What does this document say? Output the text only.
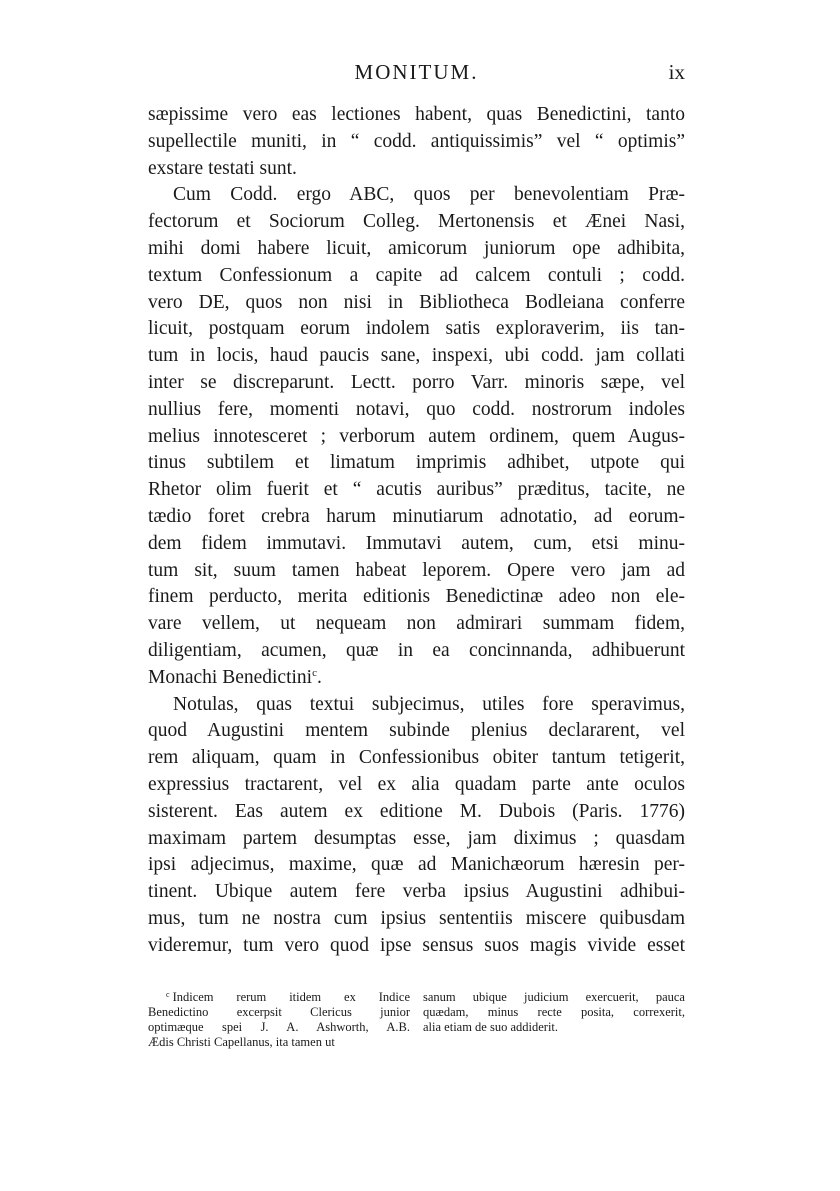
MONITUM.	ix
sæpissime vero eas lectiones habent, quas Benedictini, tanto
supellectile muniti, in “ codd. antiquissimis” vel “ optimis”
exstare testati sunt.
Cum Codd. ergo ABC, quos per benevolentiam Præ-
fectorum et Sociorum Colleg. Mertonensis et Ænei Nasi,
mihi domi habere licuit, amicorum juniorum ope adhibita,
textum Confessionum a capite ad calcem contuli ; codd.
vero DE, quos non nisi in Bibliotheca Bodleiana conferre
licuit, postquam eorum indolem satis exploraverim, iis tan-
tum in locis, haud paucis sane, inspexi, ubi codd. jam collati
inter se discreparunt. Lectt. porro Varr. minoris sæpe, vel
nullius fere, momenti notavi, quo codd. nostrorum indoles
melius innotesceret ; verborum autem ordinem, quem Augus-
tinus subtilem et limatum imprimis adhibet, utpote qui
Rhetor olim fuerit et “ acutis auribus” præditus, tacite, ne
tædio foret crebra harum minutiarum adnotatio, ad eorum-
dem fidem immutavi. Immutavi autem, cum, etsi minu-
tum sit, suum tamen habeat leporem. Opere vero jam ad
finem perducto, merita editionis Benedictinæ adeo non ele-
vare vellem, ut nequeam non admirari summam fidem,
diligentiam, acumen, quæ in ea concinnanda, adhibuerunt
Monachi Benedictini$^c$.
Notulas, quas textui subjecimus, utiles fore speravimus,
quod Augustini mentem subinde plenius declararent, vel
rem aliquam, quam in Confessionibus obiter tantum tetigerit,
expressius tractarent, vel ex alia quadam parte ante oculos
sisterent. Eas autem ex editione M. Dubois (Paris. 1776)
maximam partem desumptas esse, jam diximus ; quasdam
ipsi adjecimus, maxime, quæ ad Manichæorum hæresin per-
tinent. Ubique autem fere verba ipsius Augustini adhibui-
mus, tum ne nostra cum ipsius sententiis miscere quibusdam
videremur, tum vero quod ipse sensus suos magis vivide esset
$^c$ Indicem rerum itidem ex Indice
Benedictino excerpsit Clericus junior
optimæque spei J. A. Ashworth, A.B.
Ædis Christi Capellanus, ita tamen ut
sanum ubique judicium exercuerit, pauca
quædam, minus recte posita, correxerit,
alia etiam de suo addiderit.
